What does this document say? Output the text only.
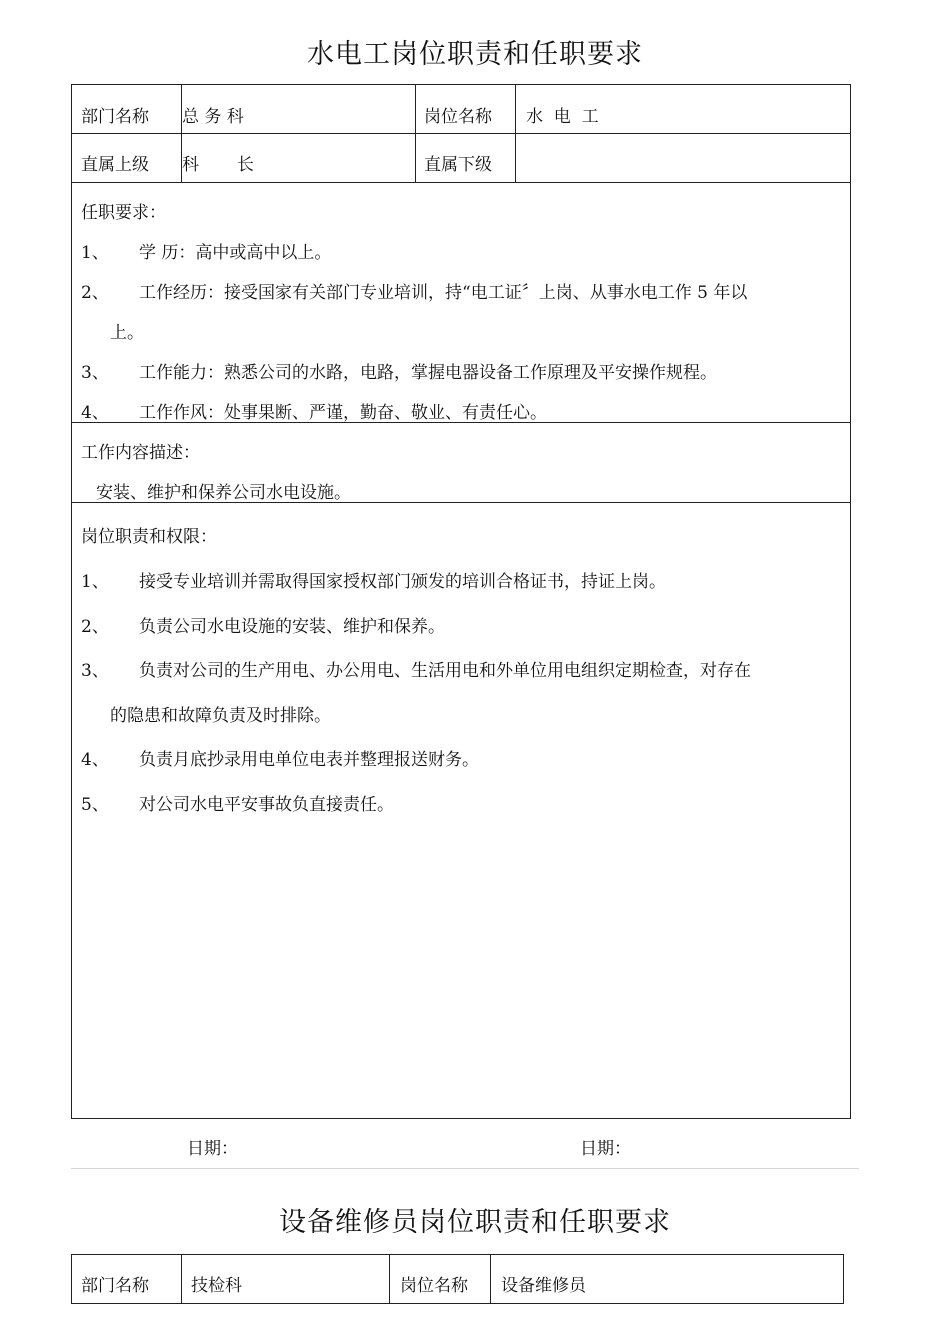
水电工岗位职责和任职要求
部门名称 总 务 科	岗位名称 水  电  工
直属上级 科       长	直属下级
任职要求：
1、 学 历：高中或高中以上。
2、 工作经历：接受国家有关部门专业培训，持“电工证〞上岗、从事水电工作 5 年以
上。
3、 工作能力：熟悉公司的水路，电路，掌握电器设备工作原理及平安操作规程。
4、 工作作风：处事果断、严谨，勤奋、敬业、有责任心。
工作内容描述：
安装、维护和保养公司水电设施。
岗位职责和权限：
1、 接受专业培训并需取得国家授权部门颁发的培训合格证书，持证上岗。
2、 负责公司水电设施的安装、维护和保养。
3、 负责对公司的生产用电、办公用电、生活用电和外单位用电组织定期检查，对存在
的隐患和故障负责及时排除。
4、 负责月底抄录用电单位电表并整理报送财务。
5、 对公司水电平安事故负直接责任。
日期：	日期：
设备维修员岗位职责和任职要求
部门名称 技检科	岗位名称 设备维修员
